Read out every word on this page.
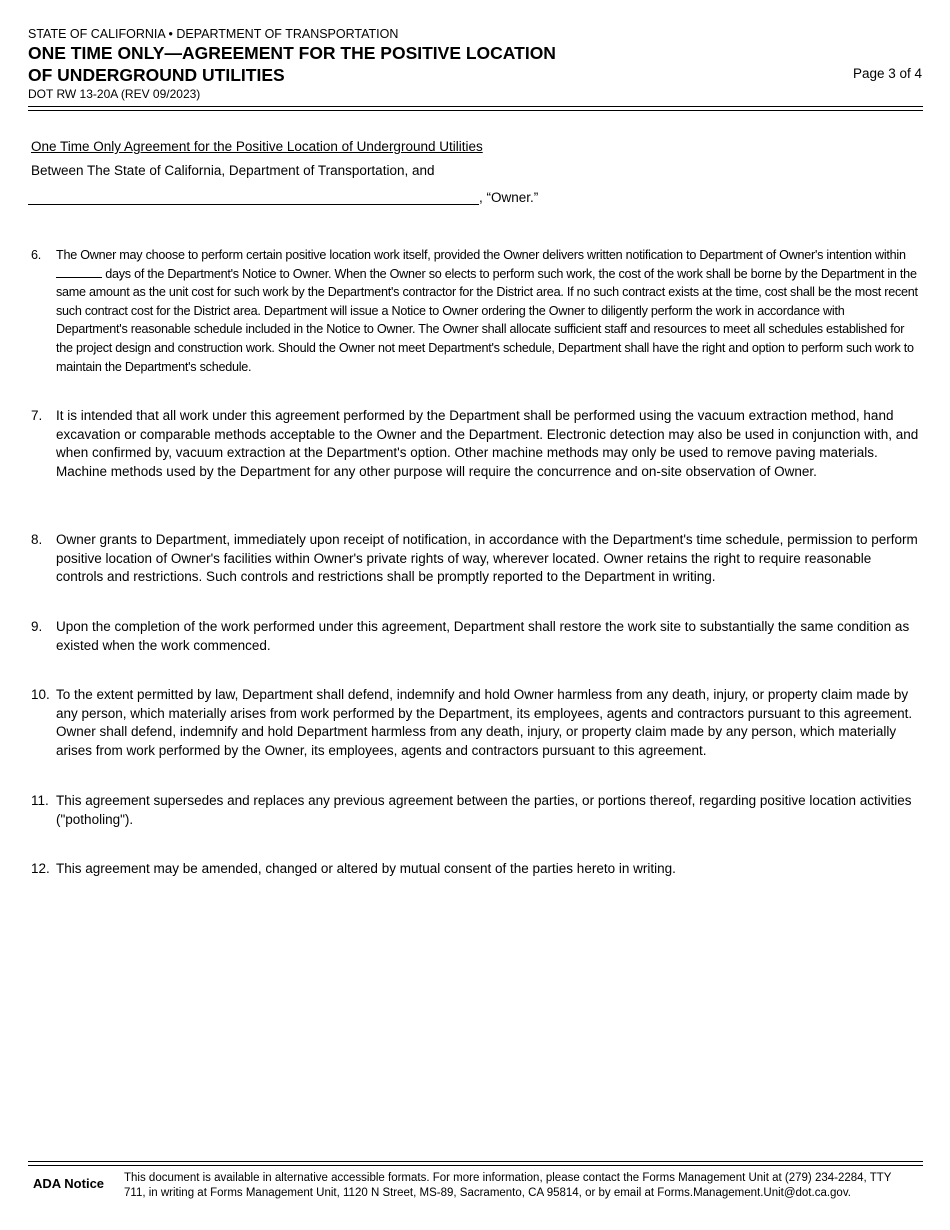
STATE OF CALIFORNIA • DEPARTMENT OF TRANSPORTATION
ONE TIME ONLY—AGREEMENT FOR THE POSITIVE LOCATION
OF UNDERGROUND UTILITIES
DOT RW 13-20A (REV 09/2023)
Page 3 of 4
One Time Only Agreement for the Positive Location of Underground Utilities
Between The State of California, Department of Transportation, and
, “Owner.”
6. The Owner may choose to perform certain positive location work itself, provided the Owner delivers written notification to Department of Owner's intention within  days of the Department's Notice to Owner. When the Owner so elects to perform such work, the cost of the work shall be borne by the Department in the same amount as the unit cost for such work by the Department's contractor for the District area. If no such contract exists at the time, cost shall be the most recent such contract cost for the District area. Department will issue a Notice to Owner ordering the Owner to diligently perform the work in accordance with Department's reasonable schedule included in the Notice to Owner. The Owner shall allocate sufficient staff and resources to meet all schedules established for the project design and construction work. Should the Owner not meet Department's schedule, Department shall have the right and option to perform such work to maintain the Department's schedule.
7. It is intended that all work under this agreement performed by the Department shall be performed using the vacuum extraction method, hand excavation or comparable methods acceptable to the Owner and the Department. Electronic detection may also be used in conjunction with, and when confirmed by, vacuum extraction at the Department's option. Other machine methods may only be used to remove paving materials. Machine methods used by the Department for any other purpose will require the concurrence and on-site observation of Owner.
8. Owner grants to Department, immediately upon receipt of notification, in accordance with the Department's time schedule, permission to perform positive location of Owner's facilities within Owner's private rights of way, wherever located. Owner retains the right to require reasonable controls and restrictions. Such controls and restrictions shall be promptly reported to the Department in writing.
9. Upon the completion of the work performed under this agreement, Department shall restore the work site to substantially the same condition as existed when the work commenced.
10. To the extent permitted by law, Department shall defend, indemnify and hold Owner harmless from any death, injury, or property claim made by any person, which materially arises from work performed by the Department, its employees, agents and contractors pursuant to this agreement. Owner shall defend, indemnify and hold Department harmless from any death, injury, or property claim made by any person, which materially arises from work performed by the Owner, its employees, agents and contractors pursuant to this agreement.
11. This agreement supersedes and replaces any previous agreement between the parties, or portions thereof, regarding positive location activities ("potholing").
12. This agreement may be amended, changed or altered by mutual consent of the parties hereto in writing.
ADA Notice This document is available in alternative accessible formats. For more information, please contact the Forms Management Unit at (279) 234-2284, TTY 711, in writing at Forms Management Unit, 1120 N Street, MS-89, Sacramento, CA 95814, or by email at Forms.Management.Unit@dot.ca.gov.
